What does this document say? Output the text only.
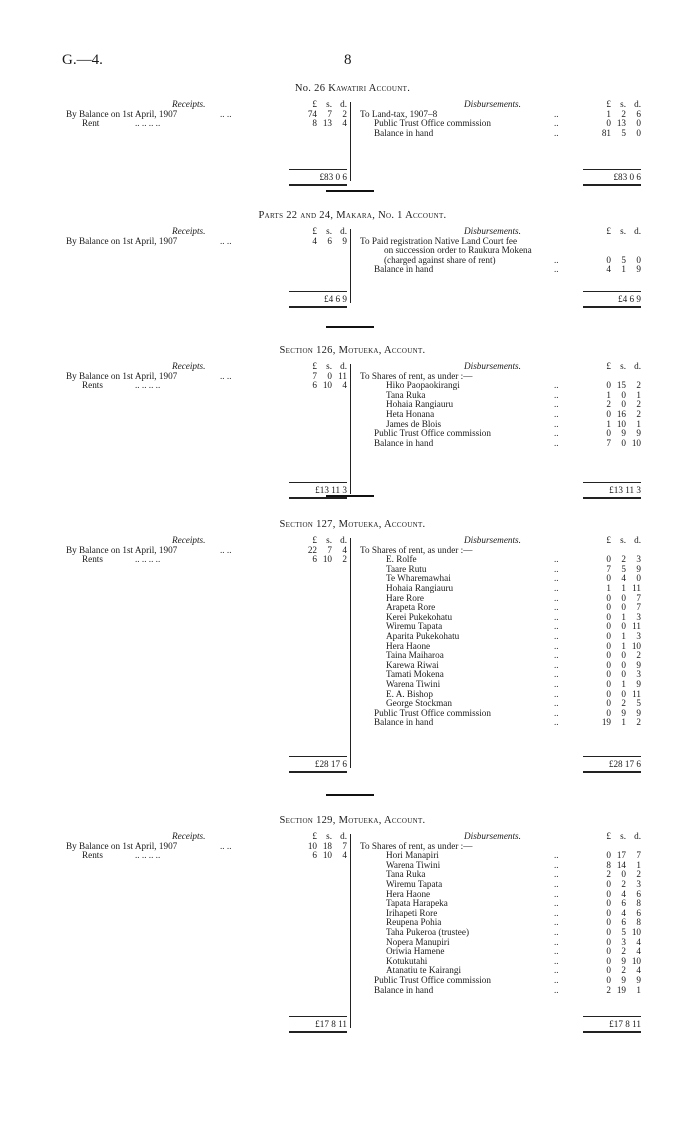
G.—4.	8
No. 26 Kawatiri Account.
Receipts.	£ s. d.
By Balance on 1st April, 1907	.. ..	74 7 2
Rent	.. .. .. ..	8 13 4
£83 0 6
Disbursements.	£ s. d.
To Land-tax, 1907–8	..	1 2 6
Public Trust Office commission	..	0 13 0
Balance in hand	..	81 5 0
£83 0 6
Parts 22 and 24, Makara, No. 1 Account.
Receipts.	£ s. d.
By Balance on 1st April, 1907	.. ..	4 6 9
£4 6 9
Disbursements.	£ s. d.
To Paid registration Native Land Court fee
on succession order to Raukura Mokena
(charged against share of rent)	..	0 5 0
Balance in hand	..	4 1 9
£4 6 9
Section 126, Motueka, Account.
Receipts.	£ s. d.
By Balance on 1st April, 1907	.. ..	7 0 11
Rents	.. .. .. ..	6 10 4
£13 11 3
Disbursements.	£ s. d.
To Shares of rent, as under :—
Hiko Paopaokirangi	..	0 15 2
Tana Ruka	..	1 0 1
Hohaia Rangiauru	..	2 0 2
Heta Honana	..	0 16 2
James de Blois	..	1 10 1
Public Trust Office commission	..	0 9 9
Balance in hand	..	7 0 10
£13 11 3
Section 127, Motueka, Account.
Receipts.	£ s. d.
By Balance on 1st April, 1907	.. ..	22 7 4
Rents	.. .. .. ..	6 10 2
£28 17 6
Disbursements.	£ s. d.
To Shares of rent, as under :—
E. Rolfe	..	0 2 3
Taare Rutu	..	7 5 9
Te Wharemawhai	..	0 4 0
Hohaia Rangiauru	..	1 1 11
Hare Rore	..	0 0 7
Arapeta Rore	..	0 0 7
Kerei Pukekohatu	..	0 1 3
Wiremu Tapata	..	0 0 11
Aparita Pukekohatu	..	0 1 3
Hera Haone	..	0 1 10
Taina Maiharoa	..	0 0 2
Karewa Riwai	..	0 0 9
Tamati Mokena	..	0 0 3
Warena Tiwini	..	0 1 9
E. A. Bishop	..	0 0 11
George Stockman	..	0 2 5
Public Trust Office commission	..	0 9 9
Balance in hand	..	19 1 2
£28 17 6
Section 129, Motueka, Account.
Receipts.	£ s. d.
By Balance on 1st April, 1907	.. ..	10 18 7
Rents	.. .. .. ..	6 10 4
£17 8 11
Disbursements.	£ s. d.
To Shares of rent, as under :—
Hori Manapiri	..	0 17 7
Warena Tiwini	..	8 14 1
Tana Ruka	..	2 0 2
Wiremu Tapata	..	0 2 3
Hera Haone	..	0 4 6
Tapata Harapeka	..	0 6 8
Irihapeti Rore	..	0 4 6
Reupena Pohia	..	0 6 8
Taha Pukeroa (trustee)	..	0 5 10
Nopera Manupiri	..	0 3 4
Oriwia Hamene	..	0 2 4
Kotukutahi	..	0 9 10
Atanatiu te Kairangi	..	0 2 4
Public Trust Office commission	..	0 9 9
Balance in hand	..	2 19 1
£17 8 11
